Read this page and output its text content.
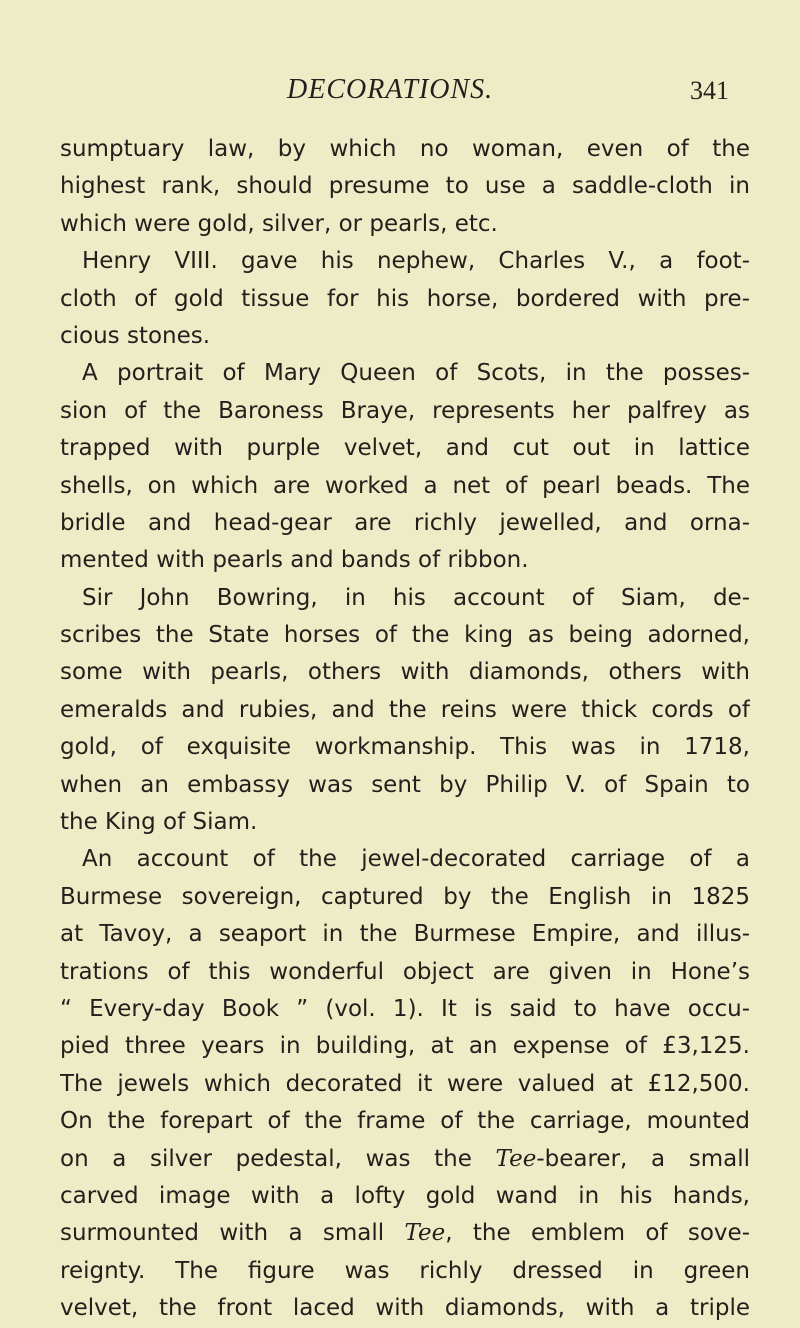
DECORATIONS.	341
sumptuary law, by which no woman, even of the
highest rank, should presume to use a saddle-cloth in
which were gold, silver, or pearls, etc.
Henry VIII. gave his nephew, Charles V., a foot-
cloth of gold tissue for his horse, bordered with pre-
cious stones.
A portrait of Mary Queen of Scots, in the posses-
sion of the Baroness Braye, represents her palfrey as
trapped with purple velvet, and cut out in lattice
shells, on which are worked a net of pearl beads. The
bridle and head-gear are richly jewelled, and orna-
mented with pearls and bands of ribbon.
Sir John Bowring, in his account of Siam, de-
scribes the State horses of the king as being adorned,
some with pearls, others with diamonds, others with
emeralds and rubies, and the reins were thick cords of
gold, of exquisite workmanship. This was in 1718,
when an embassy was sent by Philip V. of Spain to
the King of Siam.
An account of the jewel-decorated carriage of a
Burmese sovereign, captured by the English in 1825
at Tavoy, a seaport in the Burmese Empire, and illus-
trations of this wonderful object are given in Hone’s
“ Every-day Book ” (vol. 1). It is said to have occu-
pied three years in building, at an expense of £3,125.
The jewels which decorated it were valued at £12,500.
On the forepart of the frame of the carriage, mounted
on a silver pedestal, was the Tee-bearer, a small
carved image with a lofty gold wand in his hands,
surmounted with a small Tee, the emblem of sove-
reignty. The figure was richly dressed in green
velvet, the front laced with diamonds, with a triple
